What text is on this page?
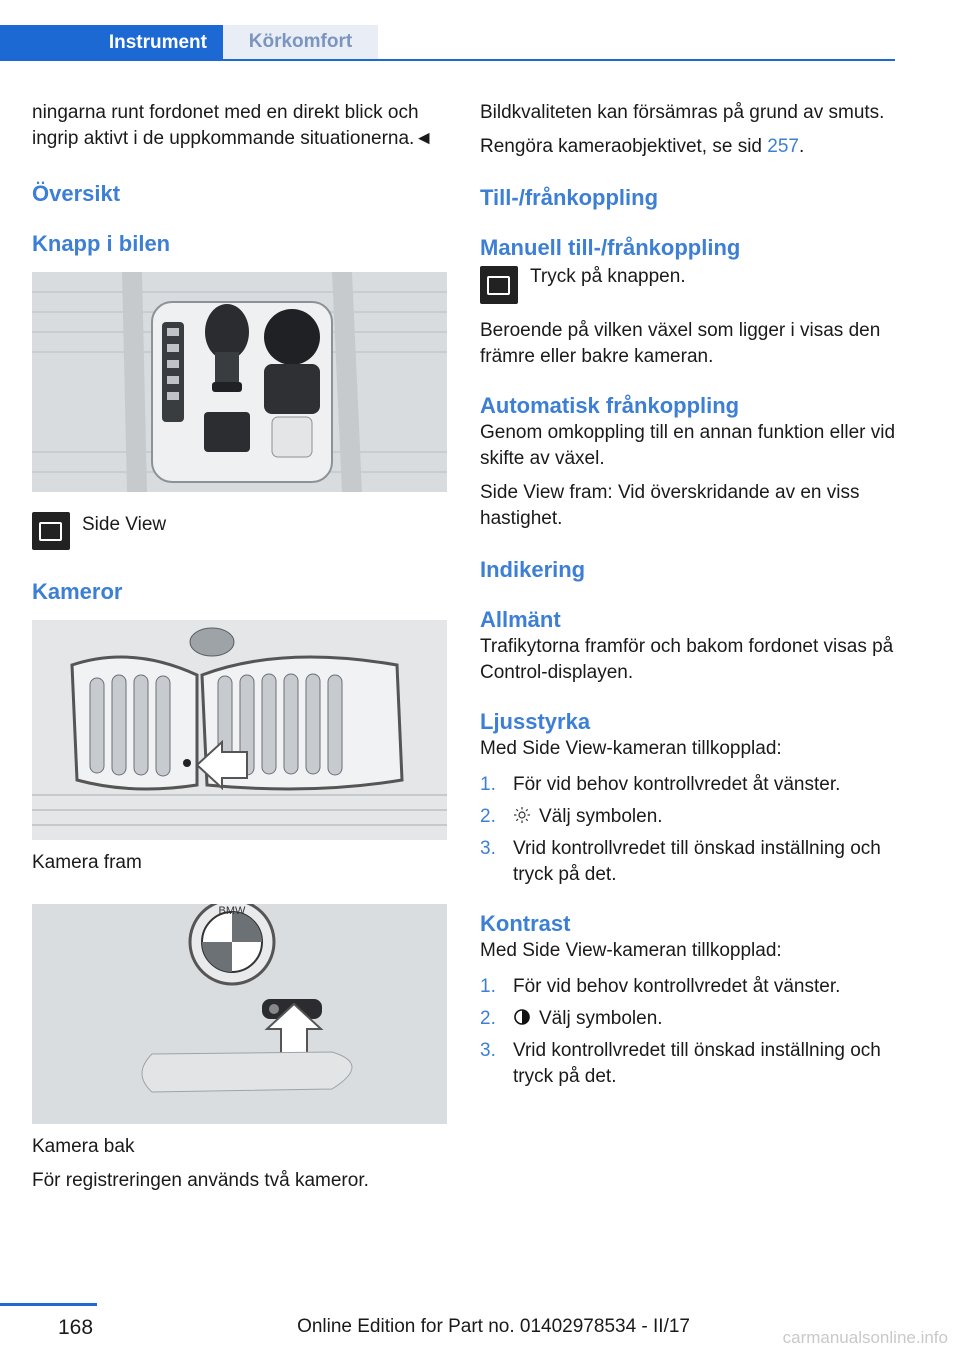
Instrument	Körkomfort

ningarna runt fordonet med en direkt blick och ingrip aktivt i de uppkommande situationerna.◄

Översikt
Knapp i bilen
Side View
Kameror

Kamera fram

BMW

Kamera bak

För registreringen används två kameror.

Bildkvaliteten kan försämras på grund av smuts.

Rengöra kameraobjektivet, se sid 257.

Till-/frånkoppling
Manuell till-/frånkoppling
Tryck på knappen.

Beroende på vilken växel som ligger i visas den främre eller bakre kameran.

Automatisk frånkoppling

Genom omkoppling till en annan funktion eller vid skifte av växel.

Side View fram: Vid överskridande av en viss hastighet.

Indikering
Allmänt

Trafikytorna framför och bakom fordonet visas på Control-displayen.

Ljusstyrka

Med Side View-kameran tillkopplad:

1. För vid behov kontrollvredet åt vänster.
2.	Välj symbolen.
3. Vrid kontrollvredet till önskad inställning och tryck på det.
Kontrast

Med Side View-kameran tillkopplad:

1. För vid behov kontrollvredet åt vänster.
2.	Välj symbolen.
3. Vrid kontrollvredet till önskad inställning och tryck på det.
168	Online Edition for Part no. 01402978534 - II/17
carmanualsonline.info
